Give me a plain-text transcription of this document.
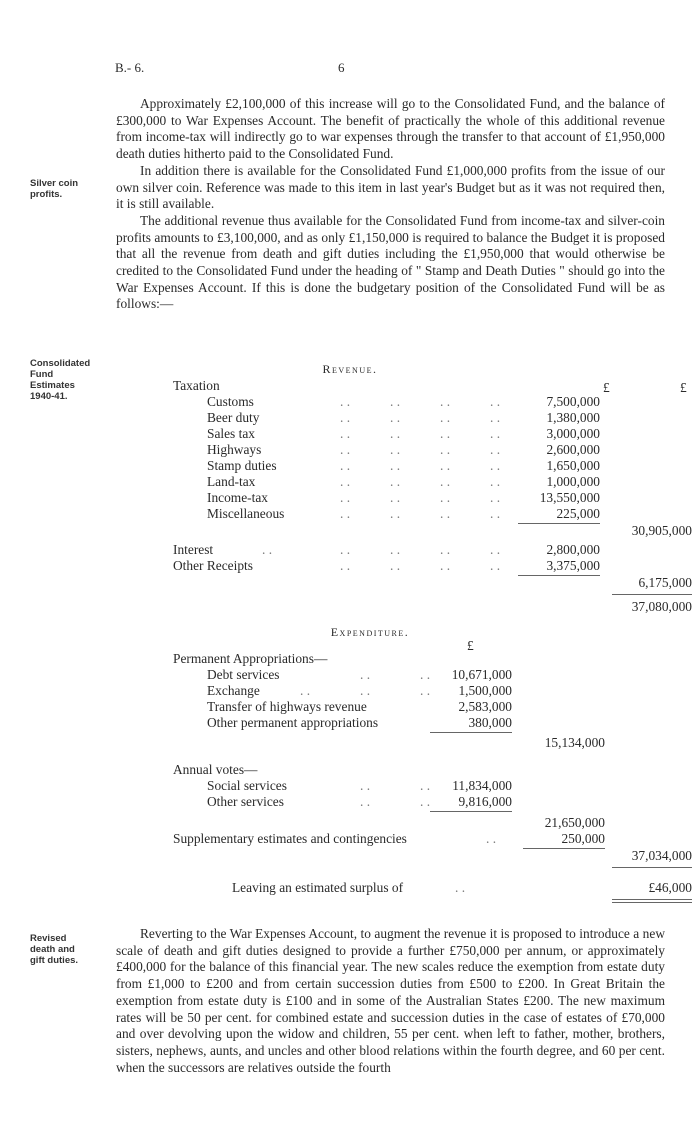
B.- 6.	6

Approximately £2,100,000 of this increase will go to the Consolidated Fund, and the balance of £300,000 to War Expenses Account. The benefit of practically the whole of this additional revenue from income-tax will indirectly go to war expenses through the transfer to that account of £1,950,000 death duties hitherto paid to the Consolidated Fund.

In addition there is available for the Consolidated Fund £1,000,000 profits from the issue of our own silver coin. Reference was made to this item in last year's Budget but as it was not required then, it is still available.

The additional revenue thus available for the Consolidated Fund from income-tax and silver-coin profits amounts to £3,100,000, and as only £1,150,000 is required to balance the Budget it is proposed that all the revenue from death and gift duties including the £1,950,000 that would otherwise be credited to the Consolidated Fund under the heading of " Stamp and Death Duties " should go into the War Expenses Account. If this is done the budgetary position of the Consolidated Fund will be as follows:—

Silver coin
profits.
Consolidated
Fund
Estimates
1940-41.
Revenue.
Taxation	£	£
Customs	. .	. .	. .	. .	7,500,000
Beer duty	. .	. .	. .	. .	1,380,000
Sales tax	. .	. .	. .	. .	3,000,000
Highways	. .	. .	. .	. .	2,600,000
Stamp duties	. .	. .	. .	. .	1,650,000
Land-tax	. .	. .	. .	. .	1,000,000
Income-tax	. .	. .	. .	. .	13,550,000
Miscellaneous	. .	. .	. .	. .	225,000
30,905,000
Interest	. .	. .	. .	. .	. .	2,800,000
Other Receipts	. .	. .	. .	. .	3,375,000
6,175,000
37,080,000
Expenditure.
£
Permanent Appropriations—
Debt services	. .	. .	10,671,000
Exchange	. .	. .	. .	1,500,000
Transfer of highways revenue	2,583,000
Other permanent appropriations	380,000
15,134,000
Annual votes—
Social services	. .	. .	11,834,000
Other services	. .	. .	9,816,000
21,650,000
Supplementary estimates and contingencies	. .	250,000
37,034,000
Leaving an estimated surplus of	. .	£46,000
Revised
death and
gift duties.

Reverting to the War Expenses Account, to augment the revenue it is proposed to introduce a new scale of death and gift duties designed to provide a further £750,000 per annum, or approximately £400,000 for the balance of this financial year. The new scales reduce the exemption from estate duty from £1,000 to £200 and from certain succession duties from £500 to £200. In Great Britain the exemption from estate duty is £100 and in some of the Australian States £200. The new maximum rates will be 50 per cent. for combined estate and succession duties in the case of estates of £70,000 and over devolving upon the widow and children, 55 per cent. when left to father, mother, brothers, sisters, nephews, aunts, and uncles and other blood relations within the fourth degree, and 60 per cent. when the successors are relatives outside the fourth
